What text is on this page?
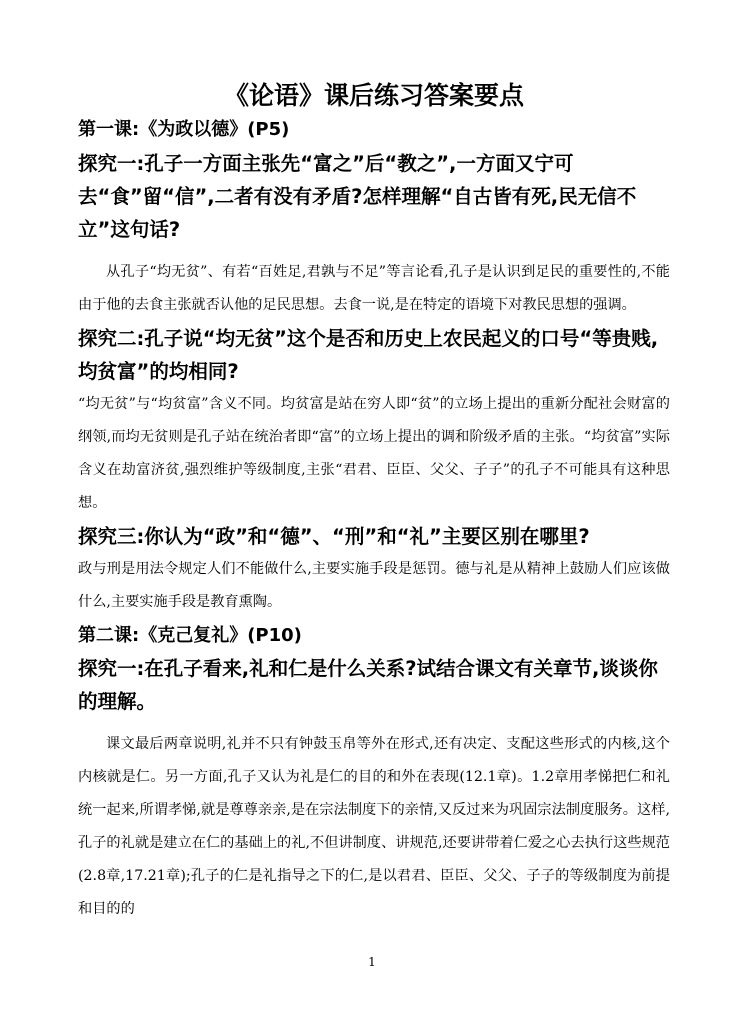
《论语》课后练习答案要点

第一课:《为政以德》(P5)

探究一:孔子一方面主张先“富之”后“教之”,一方面又宁可去“食”留“信”,二者有没有矛盾?怎样理解“自古皆有死,民无信不立”这句话?

从孔子“均无贫”、有若“百姓足,君孰与不足”等言论看,孔子是认识到足民的重要性的,不能由于他的去食主张就否认他的足民思想。去食一说,是在特定的语境下对教民思想的强调。

探究二:孔子说“均无贫”这个是否和历史上农民起义的口号“等贵贱,均贫富”的均相同?

“均无贫”与“均贫富”含义不同。均贫富是站在穷人即“贫”的立场上提出的重新分配社会财富的纲领,而均无贫则是孔子站在统治者即“富”的立场上提出的调和阶级矛盾的主张。“均贫富”实际含义在劫富济贫,强烈维护等级制度,主张“君君、臣臣、父父、子子”的孔子不可能具有这种思想。

探究三:你认为“政”和“德”、“刑”和“礼”主要区别在哪里?

政与刑是用法令规定人们不能做什么,主要实施手段是惩罚。德与礼是从精神上鼓励人们应该做什么,主要实施手段是教育熏陶。

第二课:《克己复礼》(P10)

探究一:在孔子看来,礼和仁是什么关系?试结合课文有关章节,谈谈你的理解。

课文最后两章说明,礼并不只有钟鼓玉帛等外在形式,还有决定、支配这些形式的内核,这个内核就是仁。另一方面,孔子又认为礼是仁的目的和外在表现(12.1章)。1.2章用孝悌把仁和礼统一起来,所谓孝悌,就是尊尊亲亲,是在宗法制度下的亲情,又反过来为巩固宗法制度服务。这样,孔子的礼就是建立在仁的基础上的礼,不但讲制度、讲规范,还要讲带着仁爱之心去执行这些规范(2.8章,17.21章);孔子的仁是礼指导之下的仁,是以君君、臣臣、父父、子子的等级制度为前提和目的的

1
